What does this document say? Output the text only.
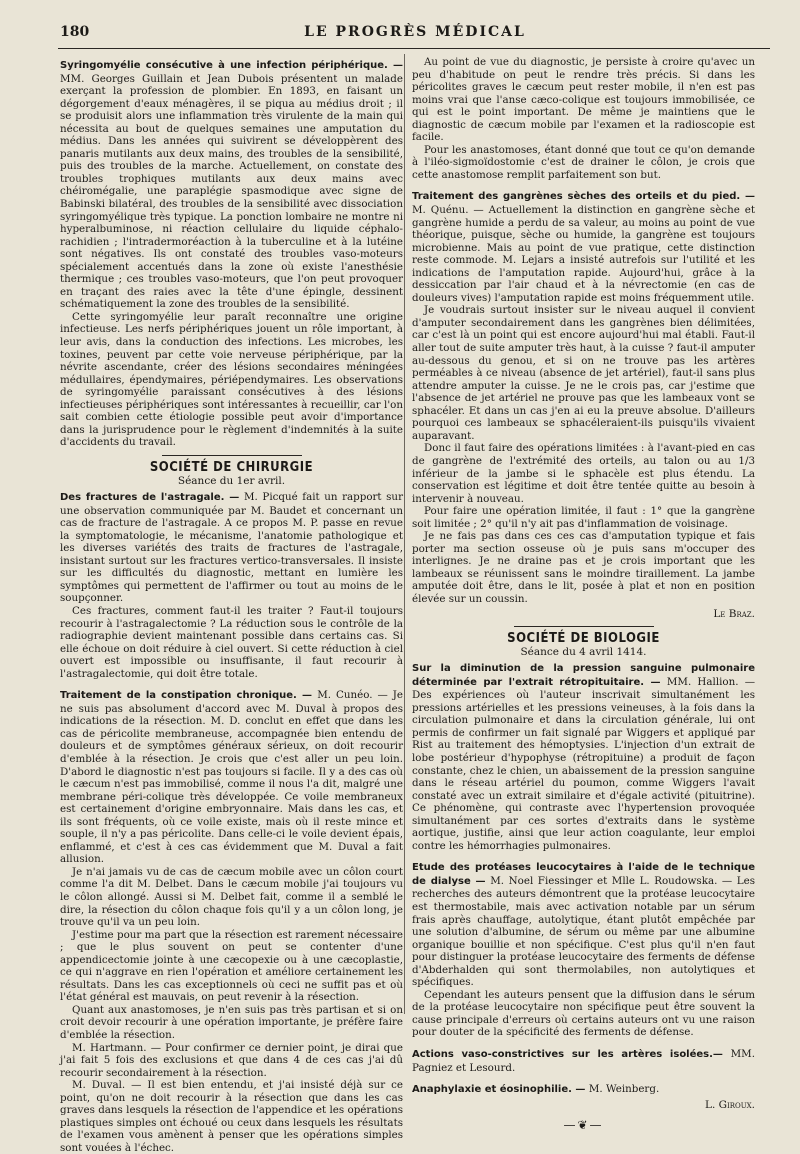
180	LE PROGRÈS MÉDICAL

Syringomyélie consécutive à une infection périphérique. — MM. Georges Guillain et Jean Dubois présentent un malade exerçant la profession de plombier. En 1893, en faisant un dégorgement d'eaux ménagères, il se piqua au médius droit ; il se produisit alors une inflammation très virulente de la main qui nécessita au bout de quelques semaines une amputation du médius. Dans les années qui suivirent se développèrent des panaris mutilants aux deux mains, des troubles de la sensibilité, puis des troubles de la marche. Actuellement, on constate des troubles trophiques mutilants aux deux mains avec chéiromégalie, une paraplégie spasmodique avec signe de Babinski bilatéral, des troubles de la sensibilité avec dissociation syringomyélique très typique. La ponction lombaire ne montre ni hyperalbuminose, ni réaction cellulaire du liquide céphalo-rachidien ; l'intradermoréaction à la tuberculine et à la lutéine sont négatives. Ils ont constaté des troubles vaso-moteurs spécialement accentués dans la zone où existe l'anesthésie thermique ; ces troubles vaso-moteurs, que l'on peut provoquer en traçant des raies avec la tête d'une épingle, dessinent schématiquement la zone des troubles de la sensibilité.

Cette syringomyélie leur paraît reconnaître une origine infectieuse. Les nerfs périphériques jouent un rôle important, à leur avis, dans la conduction des infections. Les microbes, les toxines, peuvent par cette voie nerveuse périphérique, par la névrite ascendante, créer des lésions secondaires méningées médullaires, épendymaires, périépendymaires. Les observations de syringomyélie paraissant consécutives à des lésions infectieuses périphériques sont intéressantes à recueillir, car l'on sait combien cette étiologie possible peut avoir d'importance dans la jurisprudence pour le règlement d'indemnités à la suite d'accidents du travail.

SOCIÉTÉ DE CHIRURGIE
Séance du 1er avril.

Des fractures de l'astragale. — M. Picqué fait un rapport sur une observation communiquée par M. Baudet et concernant un cas de fracture de l'astragale. A ce propos M. P. passe en revue la symptomatologie, le mécanisme, l'anatomie pathologique et les diverses variétés des traits de fractures de l'astragale, insistant surtout sur les fractures vertico-transversales. Il insiste sur les difficultés du diagnostic, mettant en lumière les symptômes qui permettent de l'affirmer ou tout au moins de le soupçonner.

Ces fractures, comment faut-il les traiter ? Faut-il toujours recourir à l'astragalectomie ? La réduction sous le contrôle de la radiographie devient maintenant possible dans certains cas. Si elle échoue on doit réduire à ciel ouvert. Si cette réduction à ciel ouvert est impossible ou insuffisante, il faut recourir à l'astragalectomie, qui doit être totale.

Traitement de la constipation chronique. — M. Cunéo. — Je ne suis pas absolument d'accord avec M. Duval à propos des indications de la résection. M. D. conclut en effet que dans les cas de péricolite membraneuse, accompagnée bien entendu de douleurs et de symptômes généraux sérieux, on doit recourir d'emblée à la résection. Je crois que c'est aller un peu loin. D'abord le diagnostic n'est pas toujours si facile. Il y a des cas où le cæcum n'est pas immobilisé, comme il nous l'a dit, malgré une membrane péri-colique très développée. Ce voile membraneux est certainement d'origine embryonnaire. Mais dans les cas, et ils sont fréquents, où ce voile existe, mais où il reste mince et souple, il n'y a pas péricolite. Dans celle-ci le voile devient épais, enflammé, et c'est à ces cas évidemment que M. Duval a fait allusion.

Je n'ai jamais vu de cas de cæcum mobile avec un côlon court comme l'a dit M. Delbet. Dans le cæcum mobile j'ai toujours vu le côlon allongé. Aussi si M. Delbet fait, comme il a semblé le dire, la résection du côlon chaque fois qu'il y a un côlon long, je trouve qu'il va un peu loin.

J'estime pour ma part que la résection est rarement nécessaire ; que le plus souvent on peut se contenter d'une appendicectomie jointe à une cæcopexie ou à une cæcoplastie, ce qui n'aggrave en rien l'opération et améliore certainement les résultats. Dans les cas exceptionnels où ceci ne suffit pas et où l'état général est mauvais, on peut revenir à la résection.

Quant aux anastomoses, je n'en suis pas très partisan et si on croit devoir recourir à une opération importante, je préfère faire d'emblée la résection.

M. Hartmann. — Pour confirmer ce dernier point, je dirai que j'ai fait 5 fois des exclusions et que dans 4 de ces cas j'ai dû recourir secondairement à la résection.

M. Duval. — Il est bien entendu, et j'ai insisté déjà sur ce point, qu'on ne doit recourir à la résection que dans les cas graves dans lesquels la résection de l'appendice et les opérations plastiques simples ont échoué ou ceux dans lesquels les résultats de l'examen vous amènent à penser que les opérations simples sont vouées à l'échec.

Au point de vue du diagnostic, je persiste à croire qu'avec un peu d'habitude on peut le rendre très précis. Si dans les péricolites graves le cæcum peut rester mobile, il n'en est pas moins vrai que l'anse cæco-colique est toujours immobilisée, ce qui est le point important. De même je maintiens que le diagnostic de cæcum mobile par l'examen et la radioscopie est facile.

Pour les anastomoses, étant donné que tout ce qu'on demande à l'iléo-sigmoïdostomie c'est de drainer le côlon, je crois que cette anastomose remplit parfaitement son but.

Traitement des gangrènes sèches des orteils et du pied. — M. Quénu. — Actuellement la distinction en gangrène sèche et gangrène humide a perdu de sa valeur, au moins au point de vue théorique, puisque, sèche ou humide, la gangrène est toujours microbienne. Mais au point de vue pratique, cette distinction reste commode. M. Lejars a insisté autrefois sur l'utilité et les indications de l'amputation rapide. Aujourd'hui, grâce à la dessiccation par l'air chaud et à la névrectomie (en cas de douleurs vives) l'amputation rapide est moins fréquemment utile.

Je voudrais surtout insister sur le niveau auquel il convient d'amputer secondairement dans les gangrènes bien délimitées, car c'est là un point qui est encore aujourd'hui mal établi. Faut-il aller tout de suite amputer très haut, à la cuisse ? faut-il amputer au-dessous du genou, et si on ne trouve pas les artères perméables à ce niveau (absence de jet artériel), faut-il sans plus attendre amputer la cuisse. Je ne le crois pas, car j'estime que l'absence de jet artériel ne prouve pas que les lambeaux vont se sphacéler. Et dans un cas j'en ai eu la preuve absolue. D'ailleurs pourquoi ces lambeaux se sphacéleraient-ils puisqu'ils vivaient auparavant.

Donc il faut faire des opérations limitées : à l'avant-pied en cas de gangrène de l'extrémité des orteils, au talon ou au 1/3 inférieur de la jambe si le sphacèle est plus étendu. La conservation est légitime et doit être tentée quitte au besoin à intervenir à nouveau.

Pour faire une opération limitée, il faut : 1° que la gangrène soit limitée ; 2° qu'il n'y ait pas d'inflammation de voisinage.

Je ne fais pas dans ces ces cas d'amputation typique et fais porter ma section osseuse où je puis sans m'occuper des interlignes. Je ne draine pas et je crois important que les lambeaux se réunissent sans le moindre tiraillement. La jambe amputée doit être, dans le lit, posée à plat et non en position élevée sur un coussin.

Le Braz.
SOCIÉTÉ DE BIOLOGIE
Séance du 4 avril 1414.

Sur la diminution de la pression sanguine pulmonaire déterminée par l'extrait rétropituitaire. — MM. Hallion. — Des expériences où l'auteur inscrivait simultanément les pressions artérielles et les pressions veineuses, à la fois dans la circulation pulmonaire et dans la circulation générale, lui ont permis de confirmer un fait signalé par Wiggers et appliqué par Rist au traitement des hémoptysies. L'injection d'un extrait de lobe postérieur d'hypophyse (rétropituine) a produit de façon constante, chez le chien, un abaissement de la pression sanguine dans le réseau artériel du poumon, comme Wiggers l'avait constaté avec un extrait similaire et d'égale activité (pituitrine). Ce phénomène, qui contraste avec l'hypertension provoquée simultanément par ces sortes d'extraits dans le système aortique, justifie, ainsi que leur action coagulante, leur emploi contre les hémorrhagies pulmonaires.

Etude des protéases leucocytaires à l'aide de le technique de dialyse — M. Noel Fiessinger et Mlle L. Roudowska. — Les recherches des auteurs démontrent que la protéase leucocytaire est thermostabile, mais avec activation notable par un sérum frais après chauffage, autolytique, étant plutôt empêchée par une solution d'albumine, de sérum ou même par une albumine organique bouillie et non spécifique. C'est plus qu'il n'en faut pour distinguer la protéase leucocytaire des ferments de défense d'Abderhalden qui sont thermolabiles, non autolytiques et spécifiques.

Cependant les auteurs pensent que la diffusion dans le sérum de la protéase leucocytaire non spécifique peut être souvent la cause principale d'erreurs où certains auteurs ont vu une raison pour douter de la spécificité des ferments de défense.

Actions vaso-constrictives sur les artères isolées.— MM. Pagniez et Lesourd.

Anaphylaxie et éosinophilie. — M. Weinberg.

L. Giroux.
—❦—
